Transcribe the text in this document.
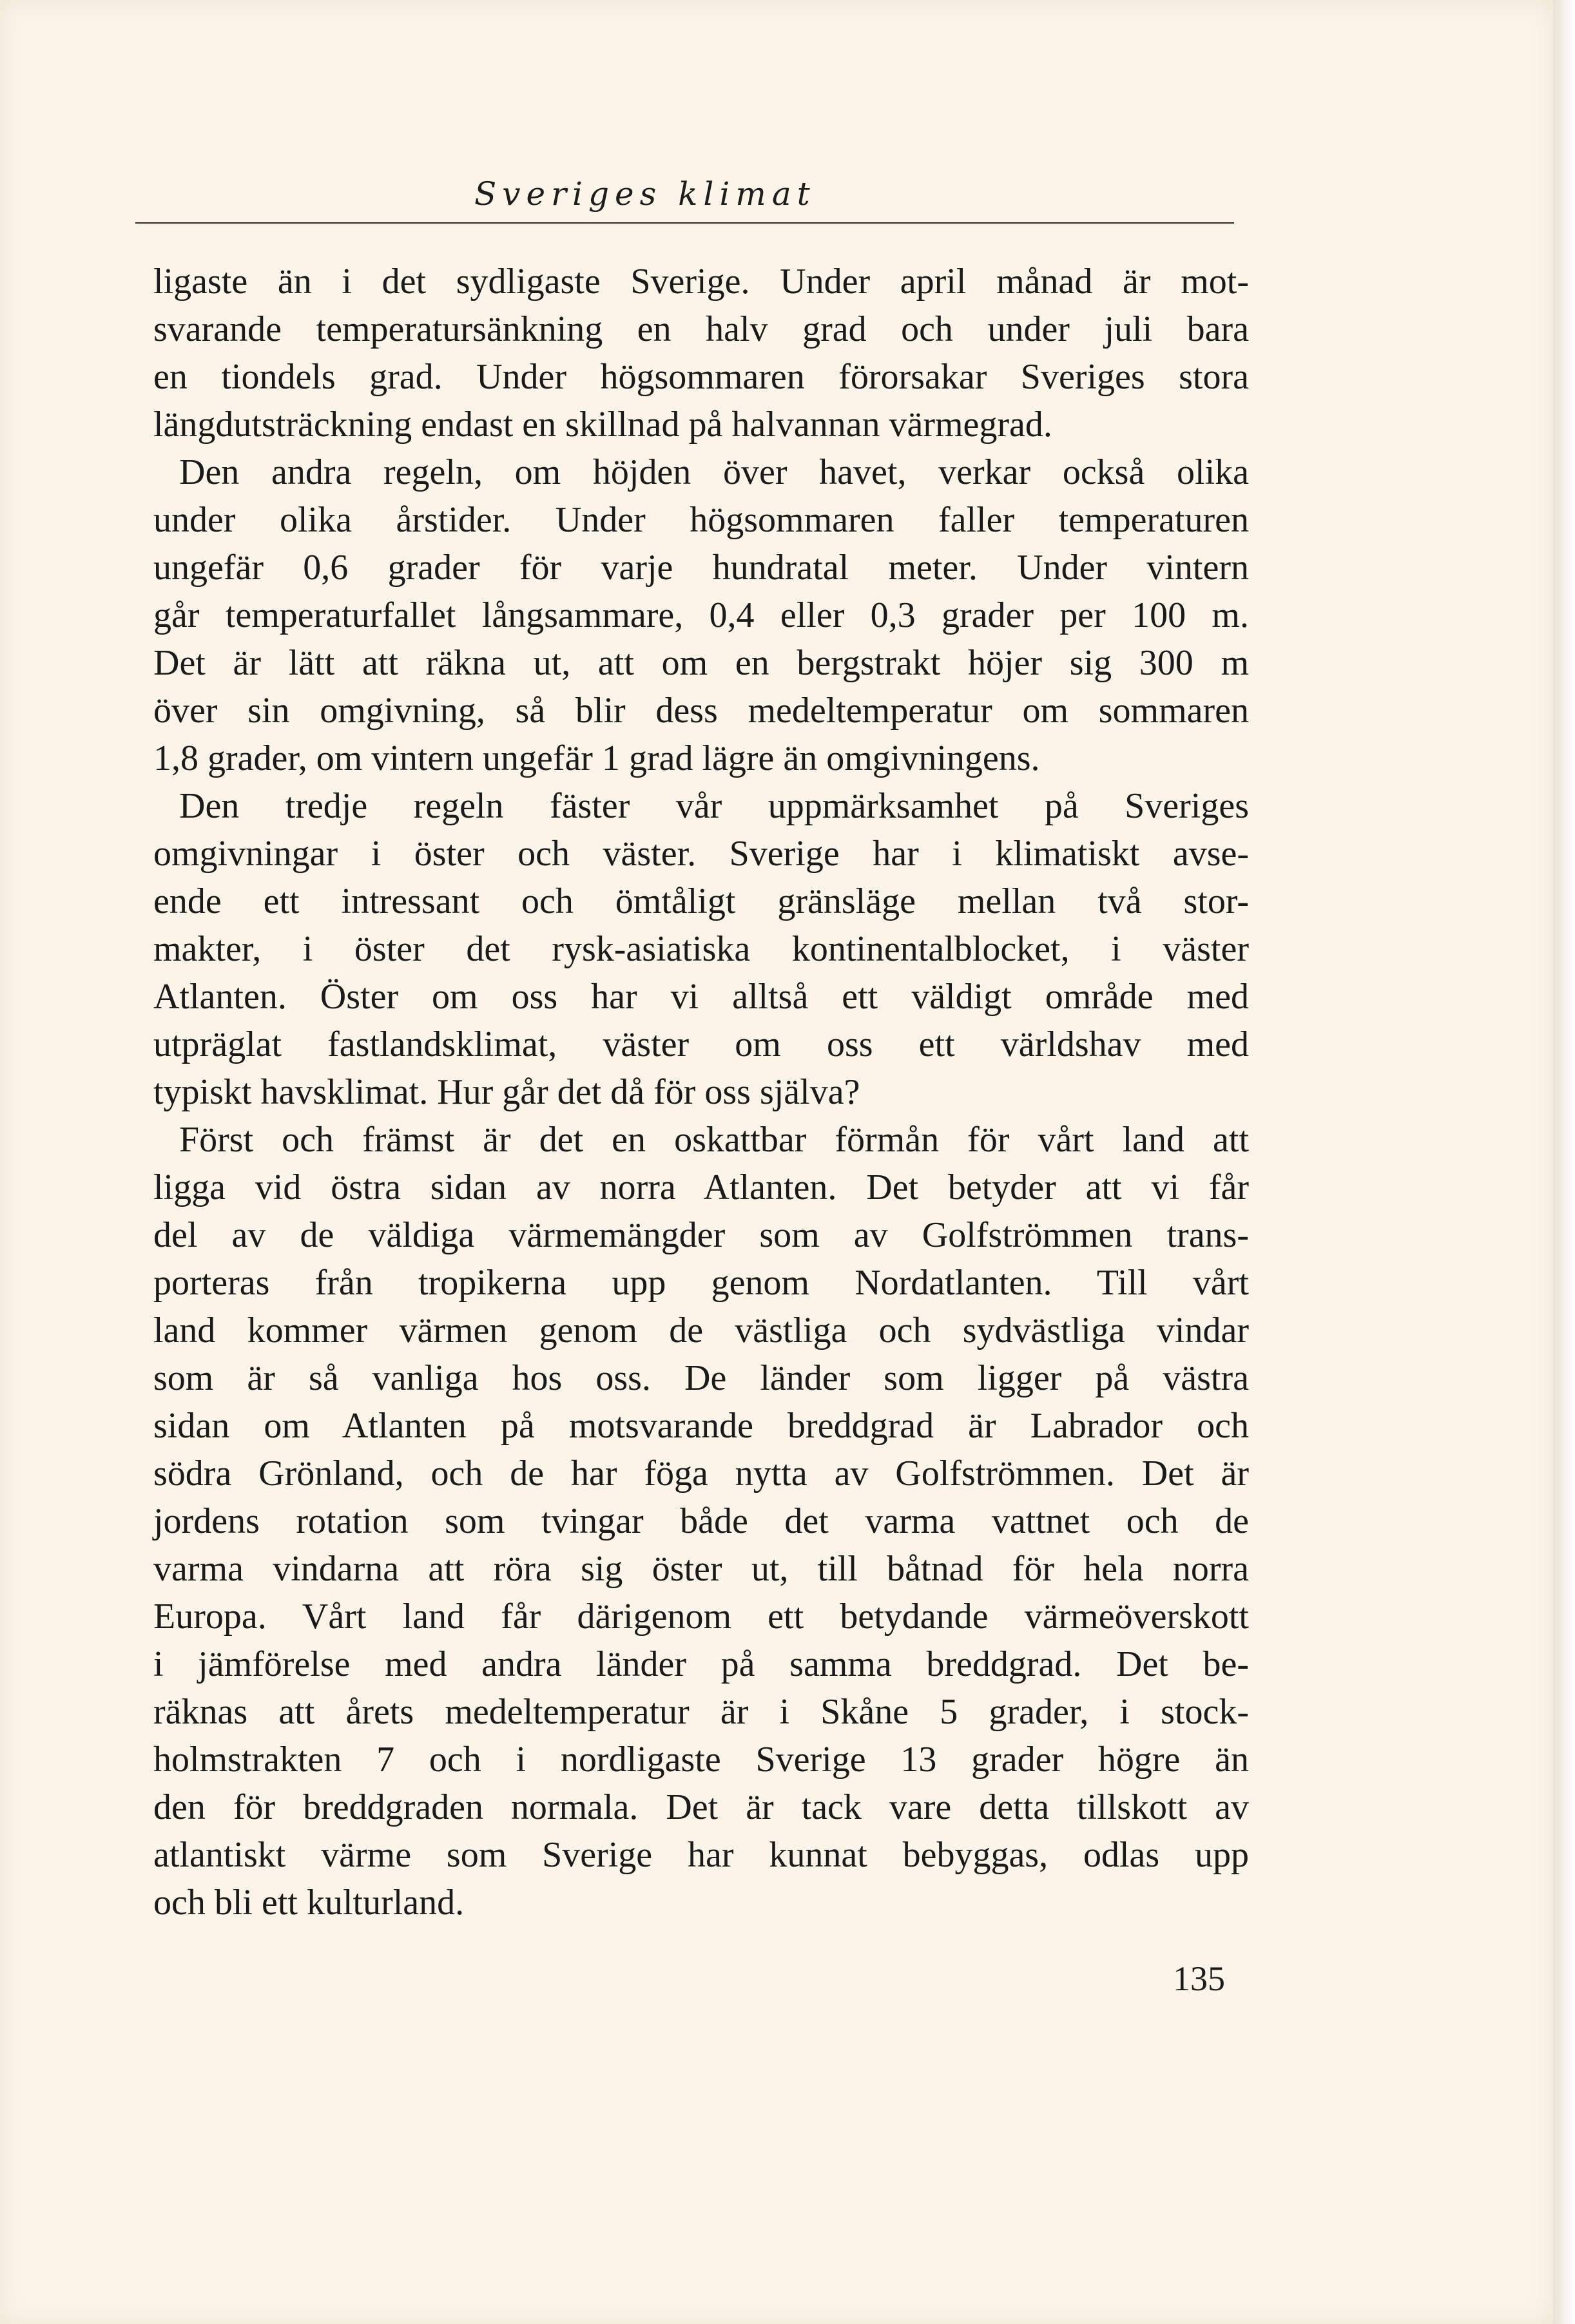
Sveriges klimat
ligaste än i det sydligaste Sverige. Under april månad är mot-
svarande temperatursänkning en halv grad och under juli bara
en tiondels grad. Under högsommaren förorsakar Sveriges stora
längdutsträckning endast en skillnad på halvannan värmegrad.
Den andra regeln, om höjden över havet, verkar också olika
under olika årstider. Under högsommaren faller temperaturen
ungefär 0,6 grader för varje hundratal meter. Under vintern
går temperaturfallet långsammare, 0,4 eller 0,3 grader per 100 m.
Det är lätt att räkna ut, att om en bergstrakt höjer sig 300 m
över sin omgivning, så blir dess medeltemperatur om sommaren
1,8 grader, om vintern ungefär 1 grad lägre än omgivningens.
Den tredje regeln fäster vår uppmärksamhet på Sveriges
omgivningar i öster och väster. Sverige har i klimatiskt avse-
ende ett intressant och ömtåligt gränsläge mellan två stor-
makter, i öster det rysk-asiatiska kontinentalblocket, i väster
Atlanten. Öster om oss har vi alltså ett väldigt område med
utpräglat fastlandsklimat, väster om oss ett världshav med
typiskt havsklimat. Hur går det då för oss själva?
Först och främst är det en oskattbar förmån för vårt land att
ligga vid östra sidan av norra Atlanten. Det betyder att vi får
del av de väldiga värmemängder som av Golfströmmen trans-
porteras från tropikerna upp genom Nordatlanten. Till vårt
land kommer värmen genom de västliga och sydvästliga vindar
som är så vanliga hos oss. De länder som ligger på västra
sidan om Atlanten på motsvarande breddgrad är Labrador och
södra Grönland, och de har föga nytta av Golfströmmen. Det är
jordens rotation som tvingar både det varma vattnet och de
varma vindarna att röra sig öster ut, till båtnad för hela norra
Europa. Vårt land får därigenom ett betydande värmeöverskott
i jämförelse med andra länder på samma breddgrad. Det be-
räknas att årets medeltemperatur är i Skåne 5 grader, i stock-
holmstrakten 7 och i nordligaste Sverige 13 grader högre än
den för breddgraden normala. Det är tack vare detta tillskott av
atlantiskt värme som Sverige har kunnat bebyggas, odlas upp
och bli ett kulturland.
135
